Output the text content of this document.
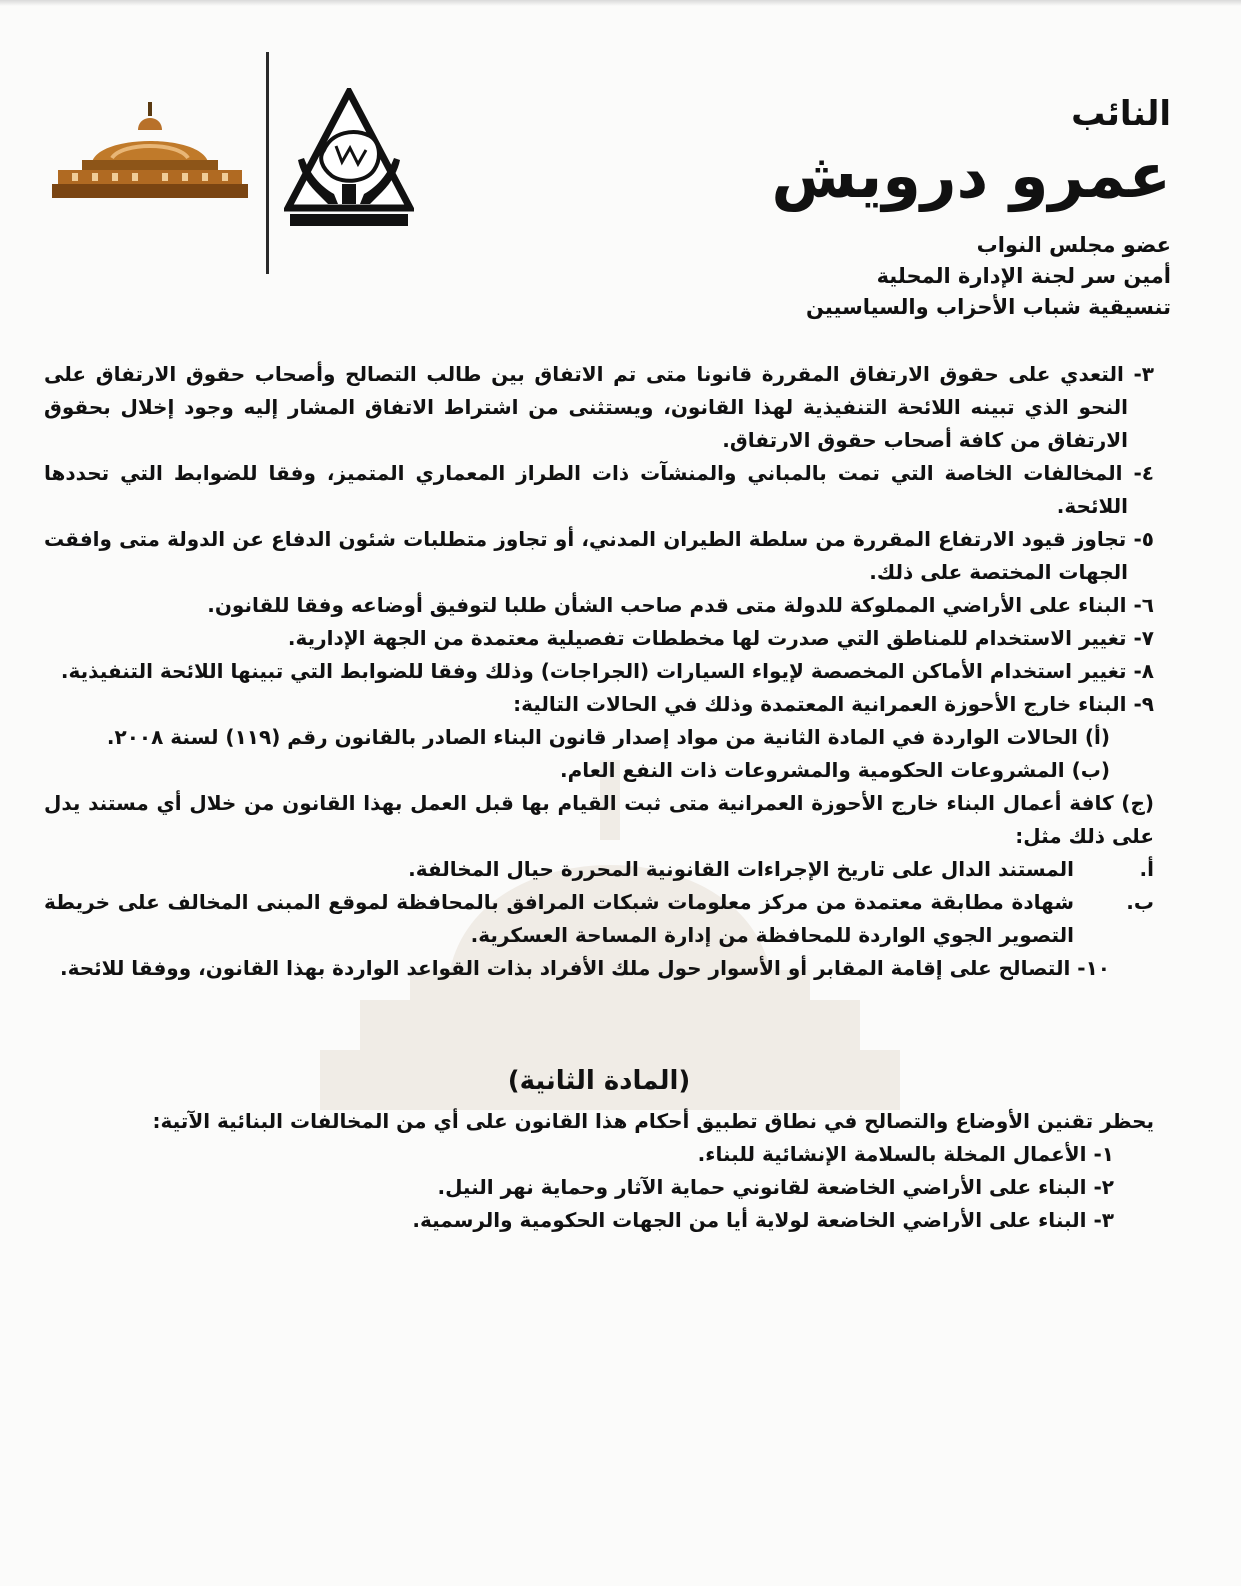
النائب

عمرو درويش

عضو مجلس النواب

أمين سر لجنة الإدارة المحلية

تنسيقية شباب الأحزاب والسياسيين

٣- التعدي على حقوق الارتفاق المقررة قانونا متى تم الاتفاق بين طالب التصالح وأصحاب حقوق الارتفاق على النحو الذي تبينه اللائحة التنفيذية لهذا القانون، ويستثنى من اشتراط الاتفاق المشار إليه وجود إخلال بحقوق الارتفاق من كافة أصحاب حقوق الارتفاق.

٤- المخالفات الخاصة التي تمت بالمباني والمنشآت ذات الطراز المعماري المتميز، وفقا للضوابط التي تحددها اللائحة.

٥- تجاوز قيود الارتفاع المقررة من سلطة الطيران المدني، أو تجاوز متطلبات شئون الدفاع عن الدولة متى وافقت الجهات المختصة على ذلك.

٦- البناء على الأراضي المملوكة للدولة متى قدم صاحب الشأن طلبا لتوفيق أوضاعه وفقا للقانون.

٧- تغيير الاستخدام للمناطق التي صدرت لها مخططات تفصيلية معتمدة من الجهة الإدارية.

٨- تغيير استخدام الأماكن المخصصة لإيواء السيارات (الجراجات) وذلك وفقا للضوابط التي تبينها اللائحة التنفيذية.

٩- البناء خارج الأحوزة العمرانية المعتمدة وذلك في الحالات التالية:

(أ) الحالات الواردة في المادة الثانية من مواد إصدار قانون البناء الصادر بالقانون رقم (١١٩) لسنة ٢٠٠٨.

(ب) المشروعات الحكومية والمشروعات ذات النفع العام.

(ج) كافة أعمال البناء خارج الأحوزة العمرانية متى ثبت القيام بها قبل العمل بهذا القانون من خلال أي مستند يدل على ذلك مثل:

أ.
المستند الدال على تاريخ الإجراءات القانونية المحررة حيال المخالفة.

ب.
شهادة مطابقة معتمدة من مركز معلومات شبكات المرافق بالمحافظة لموقع المبنى المخالف على خريطة التصوير الجوي الواردة للمحافظة من إدارة المساحة العسكرية.

١٠- التصالح على إقامة المقابر أو الأسوار حول ملك الأفراد بذات القواعد الواردة بهذا القانون، ووفقا للائحة.

(المادة الثانية)

يحظر تقنين الأوضاع والتصالح في نطاق تطبيق أحكام هذا القانون على أي من المخالفات البنائية الآتية:

١- الأعمال المخلة بالسلامة الإنشائية للبناء.

٢- البناء على الأراضي الخاضعة لقانوني حماية الآثار وحماية نهر النيل.

٣- البناء على الأراضي الخاضعة لولاية أيا من الجهات الحكومية والرسمية.
